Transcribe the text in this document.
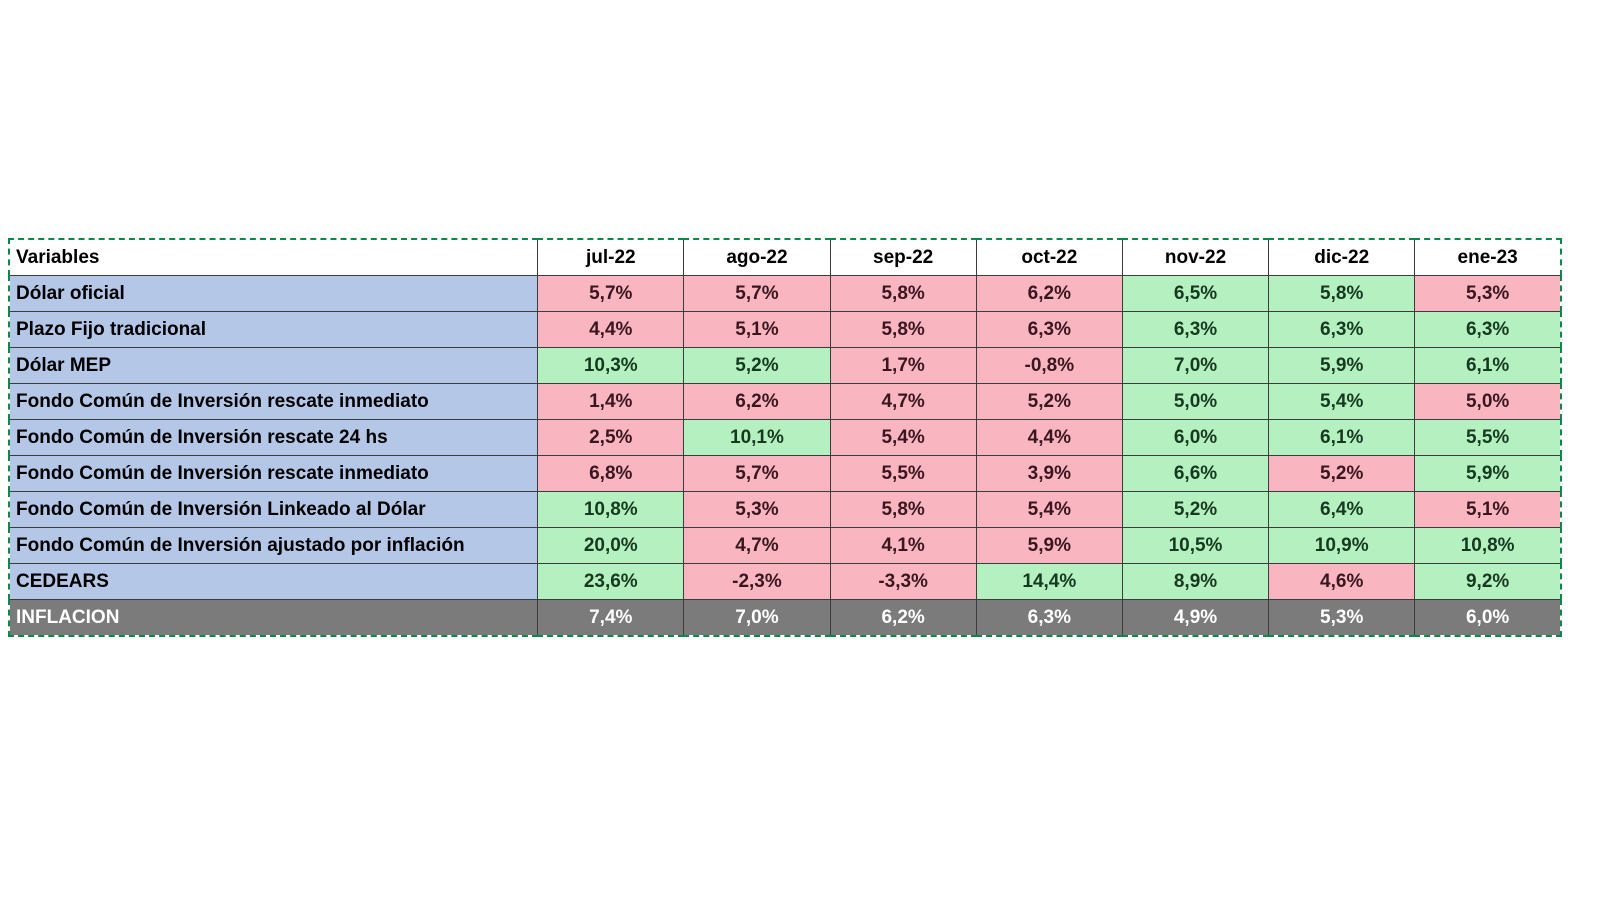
Variables	jul-22	ago-22	sep-22	oct-22	nov-22	dic-22	ene-23
Dólar oficial	5,7%	5,7%	5,8%	6,2%	6,5%	5,8%	5,3%
Plazo Fijo tradicional	4,4%	5,1%	5,8%	6,3%	6,3%	6,3%	6,3%
Dólar MEP	10,3%	5,2%	1,7%	-0,8%	7,0%	5,9%	6,1%
Fondo Común de Inversión rescate inmediato	1,4%	6,2%	4,7%	5,2%	5,0%	5,4%	5,0%
Fondo Común de Inversión rescate 24 hs	2,5%	10,1%	5,4%	4,4%	6,0%	6,1%	5,5%
Fondo Común de Inversión rescate inmediato	6,8%	5,7%	5,5%	3,9%	6,6%	5,2%	5,9%
Fondo Común de Inversión Linkeado al Dólar	10,8%	5,3%	5,8%	5,4%	5,2%	6,4%	5,1%
Fondo Común de Inversión ajustado por inflación	20,0%	4,7%	4,1%	5,9%	10,5%	10,9%	10,8%
CEDEARS	23,6%	-2,3%	-3,3%	14,4%	8,9%	4,6%	9,2%
INFLACION	7,4%	7,0%	6,2%	6,3%	4,9%	5,3%	6,0%
